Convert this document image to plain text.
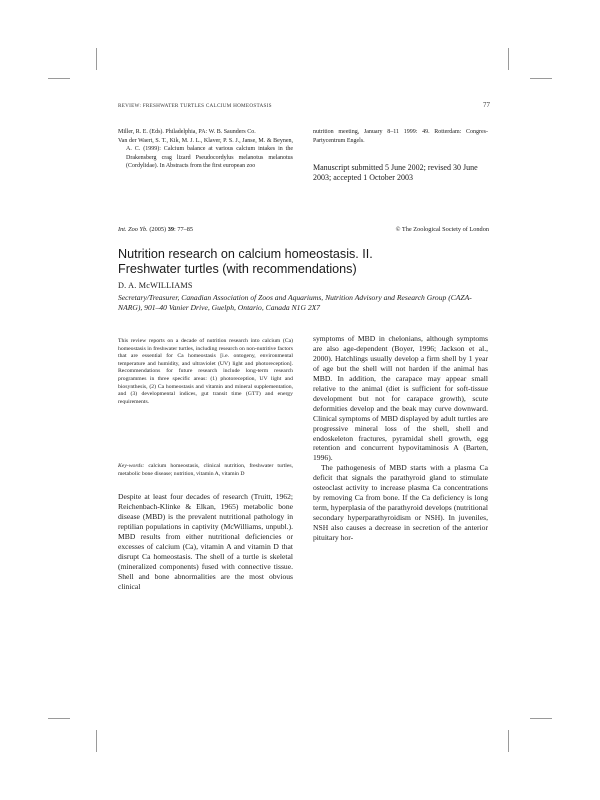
REVIEW: FRESHWATER TURTLES CALCIUM HOMEOSTASIS	77

Miller, R. E. (Eds). Philadelphia, PA: W. B. Saunders Co.

Van der Waert, S. T., Kik, M. J. L., Klaver, P. S. J., Janse, M. & Beynen, A. C. (1999): Calcium balance at various calcium intakes in the Drakensberg crag lizard Pseudocordylus melanotus melanotus (Cordylidae). In Abstracts from the first european zoo

nutrition meeting, January 8–11 1999: 49. Rotterdam: Congres-Partycentrum Engels.

Manuscript submitted 5 June 2002; revised 30 June 2003; accepted 1 October 2003

Int. Zoo Yb. (2005) 39: 77–85	© The Zoological Society of London
Nutrition research on calcium homeostasis. II.
Freshwater turtles (with recommendations)
D. A. McWILLIAMS
Secretary/Treasurer, Canadian Association of Zoos and Aquariums, Nutrition Advisory and Research Group (CAZA-NARG), 901–40 Vanier Drive, Guelph, Ontario, Canada N1G 2X7

This review reports on a decade of nutrition research into calcium (Ca) homeostasis in freshwater turtles, including research on non-nutritive factors that are essential for Ca homeostasis [i.e. ontogeny, environmental temperature and humidity, and ultraviolet (UV) light and photoreception]. Recommendations for future research include long-term research programmes in three specific areas: (1) photoreception, UV light and biosynthesis, (2) Ca homeostasis and vitamin and mineral supplementation, and (3) developmental indices, gut transit time (GTT) and energy requirements.

Key-words: calcium homeostasis, clinical nutrition, freshwater turtles, metabolic bone disease; nutrition, vitamin A, vitamin D

Despite at least four decades of research (Truitt, 1962; Reichenbach-Klinke & Elkan, 1965) metabolic bone disease (MBD) is the prevalent nutritional pathology in reptilian populations in captivity (McWilliams, unpubl.). MBD results from either nutritional deficiencies or excesses of calcium (Ca), vitamin A and vitamin D that disrupt Ca homeostasis. The shell of a turtle is skeletal (mineralized components) fused with connective tissue. Shell and bone abnormalities are the most obvious clinical

symptoms of MBD in chelonians, although symptoms are also age-dependent (Boyer, 1996; Jackson et al., 2000). Hatchlings usually develop a firm shell by 1 year of age but the shell will not harden if the animal has MBD. In addition, the carapace may appear small relative to the animal (diet is sufficient for soft-tissue development but not for carapace growth), scute deformities develop and the beak may curve downward. Clinical symptoms of MBD displayed by adult turtles are progressive mineral loss of the shell, shell and endoskeleton fractures, pyramidal shell growth, egg retention and concurrent hypovitaminosis A (Barten, 1996).

The pathogenesis of MBD starts with a plasma Ca deficit that signals the parathyroid gland to stimulate osteoclast activity to increase plasma Ca concentrations by removing Ca from bone. If the Ca deficiency is long term, hyperplasia of the parathyroid develops (nutritional secondary hyperparathyroidism or NSH). In juveniles, NSH also causes a decrease in secretion of the anterior pituitary hor-
